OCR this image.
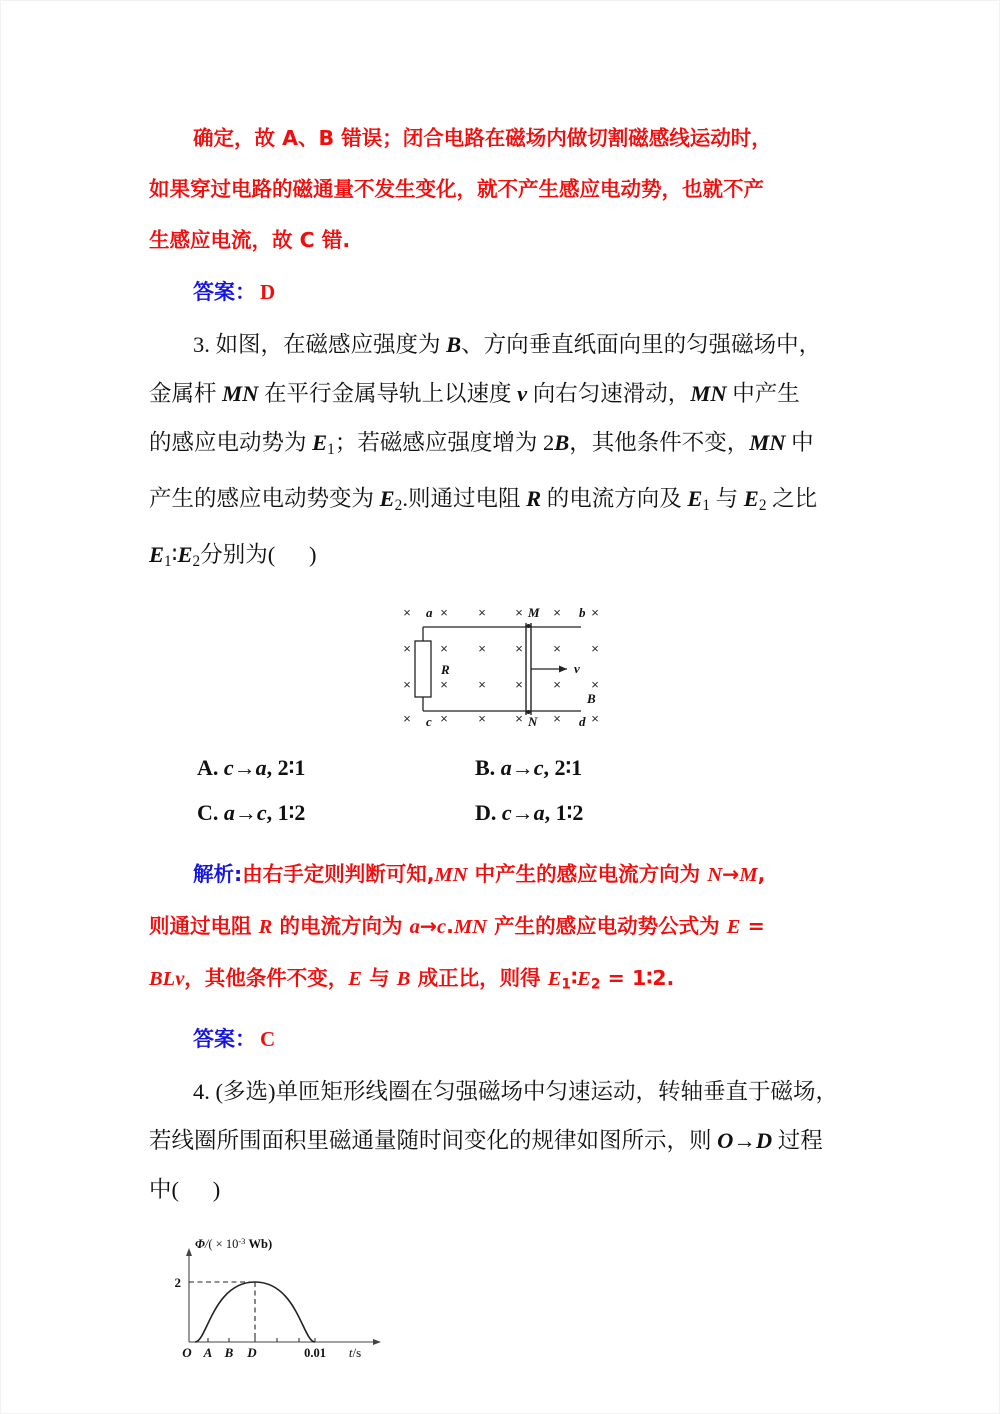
确定，故 A、B 错误；闭合电路在磁场内做切割磁感线运动时，
如果穿过电路的磁通量不发生变化，就不产生感应电动势，也就不产
生感应电流，故 C 错.
答案： D
3. 如图，在磁感应强度为 B、方向垂直纸面向里的匀强磁场中，
金属杆 MN 在平行金属导轨上以速度 v 向右匀速滑动，MN 中产生
的感应电动势为 $E_1$；若磁感应强度增为 2B，其他条件不变，MN 中
产生的感应电动势变为 $E_2$.则通过电阻 R 的电流方向及 $E_1$ 与 $E_2$ 之比
$E_1∶E_2$分别为(      )
× × × × × ×
× × × × × ×
× × × × × ×
× × × × × ×
R
a	b
c	d
M
N
v
B
A. c→a, 2∶1	B. a→c, 2∶1
C. a→c, 1∶2	D. c→a, 1∶2
解析:由右手定则判断可知,MN 中产生的感应电流方向为 N→M,
则通过电阻 R 的电流方向为 a→c.MN 产生的感应电动势公式为 E =
BLv，其他条件不变，E 与 B 成正比，则得 $E_1∶E_2$ = 1∶2.
答案： C
4. (多选)单匝矩形线圈在匀强磁场中匀速运动，转轴垂直于磁场，
若线圈所围面积里磁通量随时间变化的规律如图所示，则 O→D 过程
中(      )
$\Phi/( \times 10^{-3}$ Wb)
2
O A B D	0.01 t/s
